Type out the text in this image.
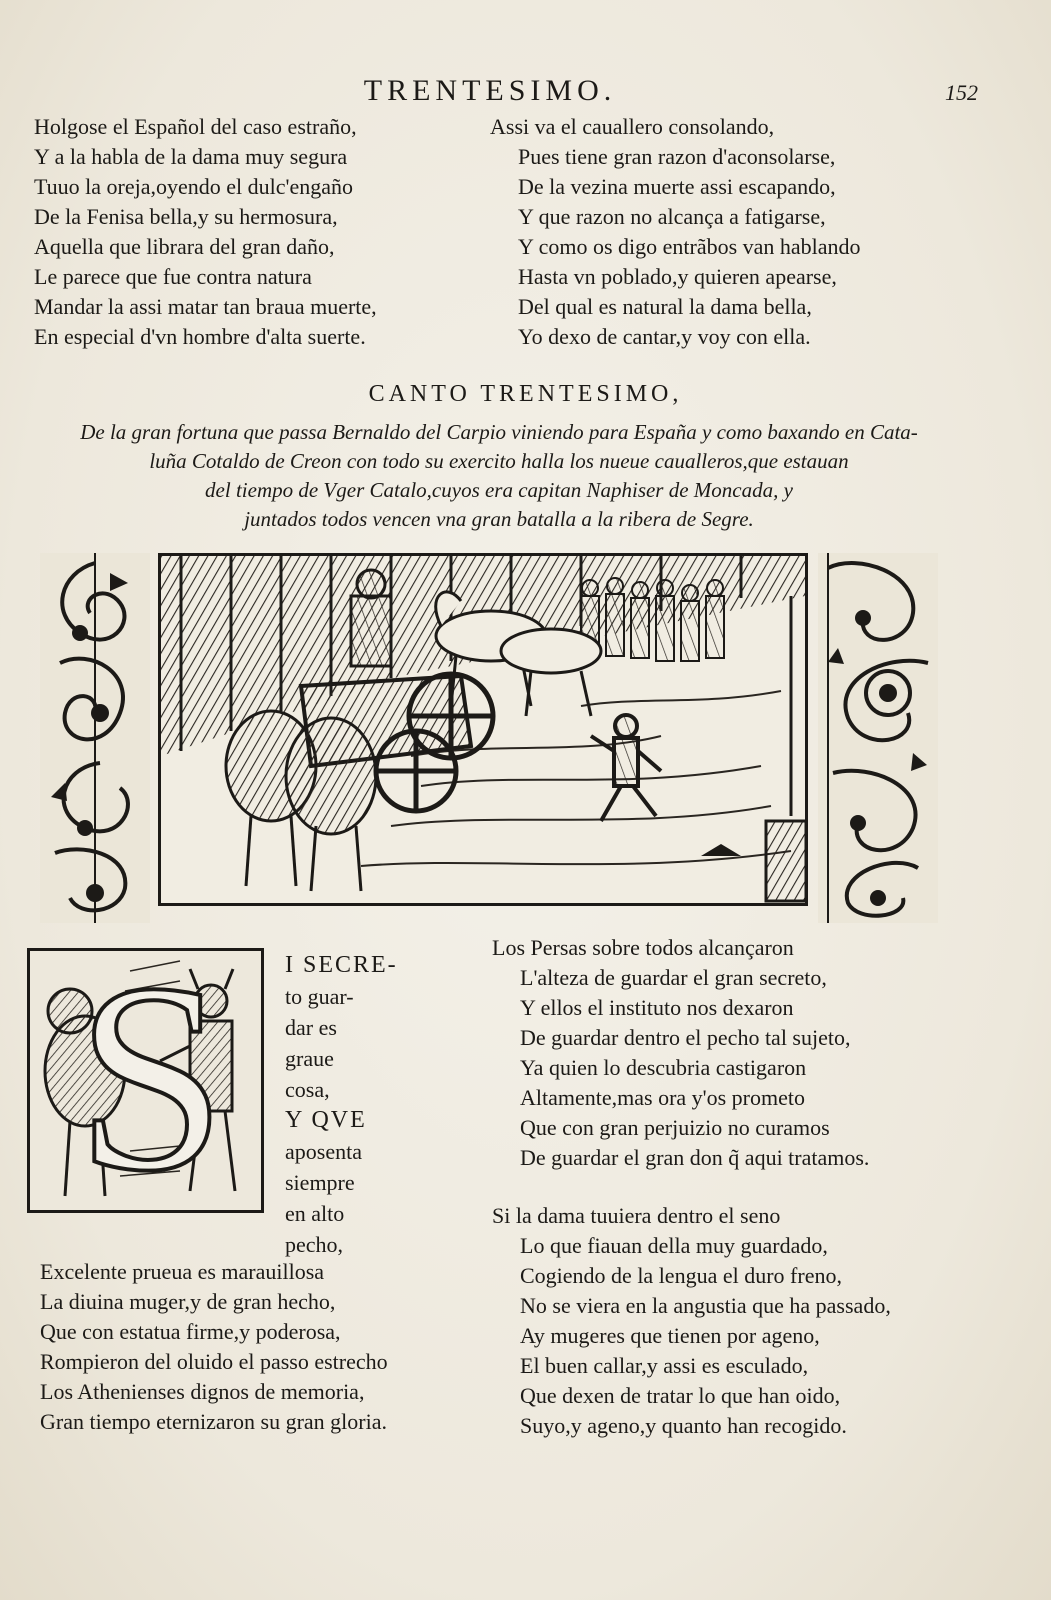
TRENTESIMO.	152
Holgose el Español del caso estraño,
Y a la habla de la dama muy segura
Tuuo la oreja,oyendo el dulc'engaño
De la Fenisa bella,y su hermosura,
Aquella que librara del gran daño,
Le parece que fue contra natura
Mandar la assi matar tan braua muerte,
En especial d'vn hombre d'alta suerte.
Assi va el cauallero consolando,
Pues tiene gran razon d'aconsolarse,
De la vezina muerte assi escapando,
Y que razon no alcança a fatigarse,
Y como os digo entrãbos van hablando
Hasta vn poblado,y quieren apearse,
Del qual es natural la dama bella,
Yo dexo de cantar,y voy con ella.
CANTO TRENTESIMO,
De la gran fortuna que passa Bernaldo del Carpio viniendo para España y como baxando en Cata-
luña Cotaldo de Creon con todo su exercito halla los nueue caualleros,que estauan
del tiempo de Vger Catalo,cuyos era capitan Naphiser de Moncada, y
juntados todos vencen vna gran batalla a la ribera de Segre.
S I SECRE-
to guar-
dar es
graue
cosa,
Y QVE
aposenta
siempre
en alto
pecho,
Excelente prueua es marauillosa
La diuina muger,y de gran hecho,
Que con estatua firme,y poderosa,
Rompieron del oluido el passo estrecho
Los Athenienses dignos de memoria,
Gran tiempo eternizaron su gran gloria.
Los Persas sobre todos alcançaron
L'alteza de guardar el gran secreto,
Y ellos el instituto nos dexaron
De guardar dentro el pecho tal sujeto,
Ya quien lo descubria castigaron
Altamente,mas ora y'os prometo
Que con gran perjuizio no curamos
De guardar el gran don q̃ aqui tratamos.
Si la dama tuuiera dentro el seno
Lo que fiauan della muy guardado,
Cogiendo de la lengua el duro freno,
No se viera en la angustia que ha passado,
Ay mugeres que tienen por ageno,
El buen callar,y assi es esculado,
Que dexen de tratar lo que han oido,
Suyo,y ageno,y quanto han recogido.
